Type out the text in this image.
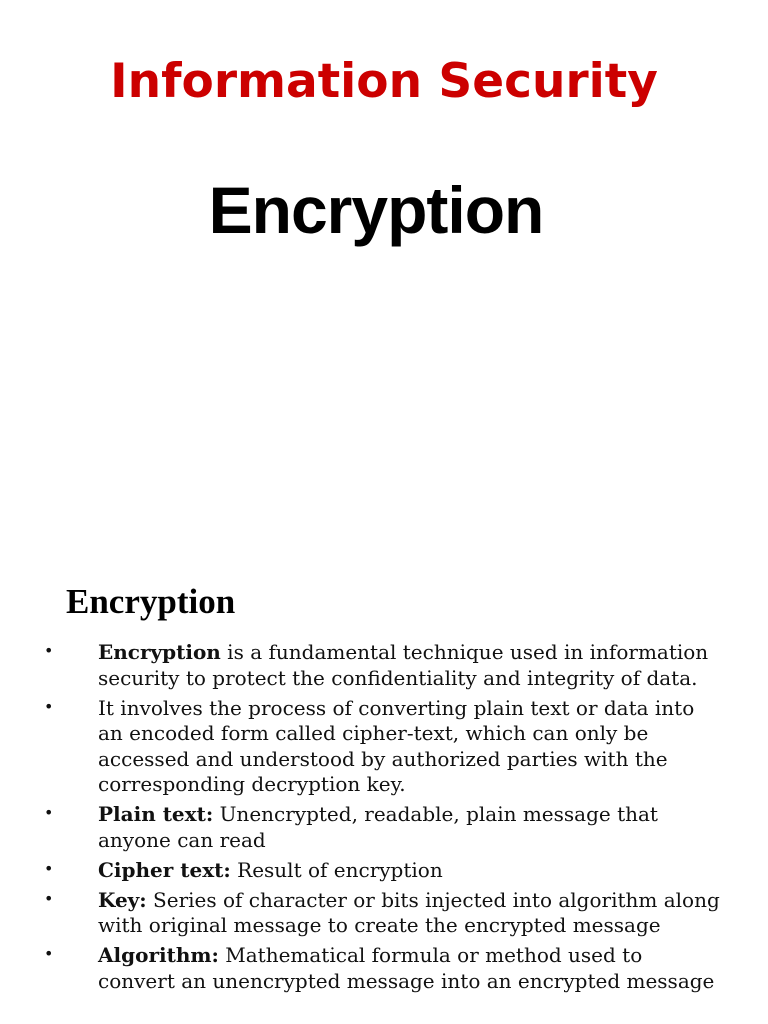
Information Security
Encryption
Encryption
• Encryption is a fundamental technique used in information security to protect the confidentiality and integrity of data.
• It involves the process of converting plain text or data into an encoded form called cipher-text, which can only be accessed and understood by authorized parties with the corresponding decryption key.
• Plain text: Unencrypted, readable, plain message that anyone can read
• Cipher text: Result of encryption
• Key: Series of character or bits injected into algorithm along with original message to create the encrypted message
• Algorithm: Mathematical formula or method used to convert an unencrypted message into an encrypted message
